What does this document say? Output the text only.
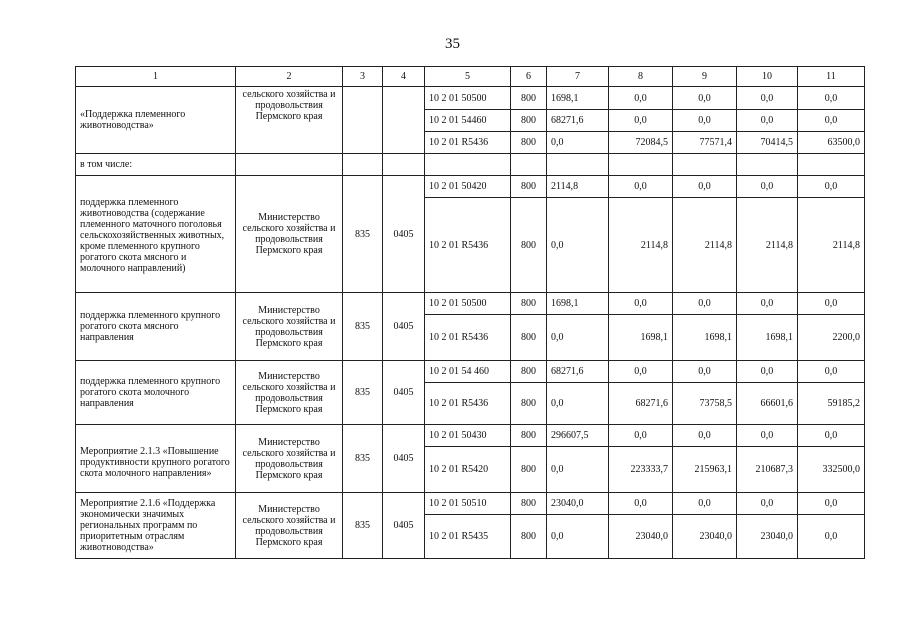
35
1	2	3	4	5	6	7	8	9	10	11
«Поддержка племенного животноводства»	сельского хозяйства и продовольствия Пермского края			10 2 01 50500	800	1698,1	0,0	0,0	0,0	0,0
				10 2 01 54460	800	68271,6	0,0	0,0	0,0	0,0
				10 2 01 R5436	800	0,0	72084,5	77571,4	70414,5	63500,0
в том числе:										
поддержка племенного животноводства (содержание племенного маточного поголовья сельскохозяйственных животных, кроме племенного крупного рогатого скота мясного и молочного направлений)	Министерство сельского хозяйства и продовольствия Пермского края	835	0405	10 2 01 50420	800	2114,8	0,0	0,0	0,0	0,0
				10 2 01 R5436	800	0,0	2114,8	2114,8	2114,8	2114,8
поддержка племенного крупного рогатого скота мясного направления	Министерство сельского хозяйства и продовольствия Пермского края	835	0405	10 2 01 50500	800	1698,1	0,0	0,0	0,0	0,0
				10 2 01 R5436	800	0,0	1698,1	1698,1	1698,1	2200,0
поддержка племенного крупного рогатого скота молочного направления	Министерство сельского хозяйства и продовольствия Пермского края	835	0405	10 2 01 54 460	800	68271,6	0,0	0,0	0,0	0,0
				10 2 01 R5436	800	0,0	68271,6	73758,5	66601,6	59185,2
Мероприятие 2.1.3 «Повышение продуктивности крупного рогатого скота молочного направления»	Министерство сельского хозяйства и продовольствия Пермского края	835	0405	10 2 01 50430	800	296607,5	0,0	0,0	0,0	0,0
				10 2 01 R5420	800	0,0	223333,7	215963,1	210687,3	332500,0
Мероприятие 2.1.6 «Поддержка экономически значимых региональных программ по приоритетным отраслям животноводства»	Министерство сельского хозяйства и продовольствия Пермского края	835	0405	10 2 01 50510	800	23040,0	0,0	0,0	0,0	0,0
				10 2 01 R5435	800	0,0	23040,0	23040,0	23040,0	0,0
